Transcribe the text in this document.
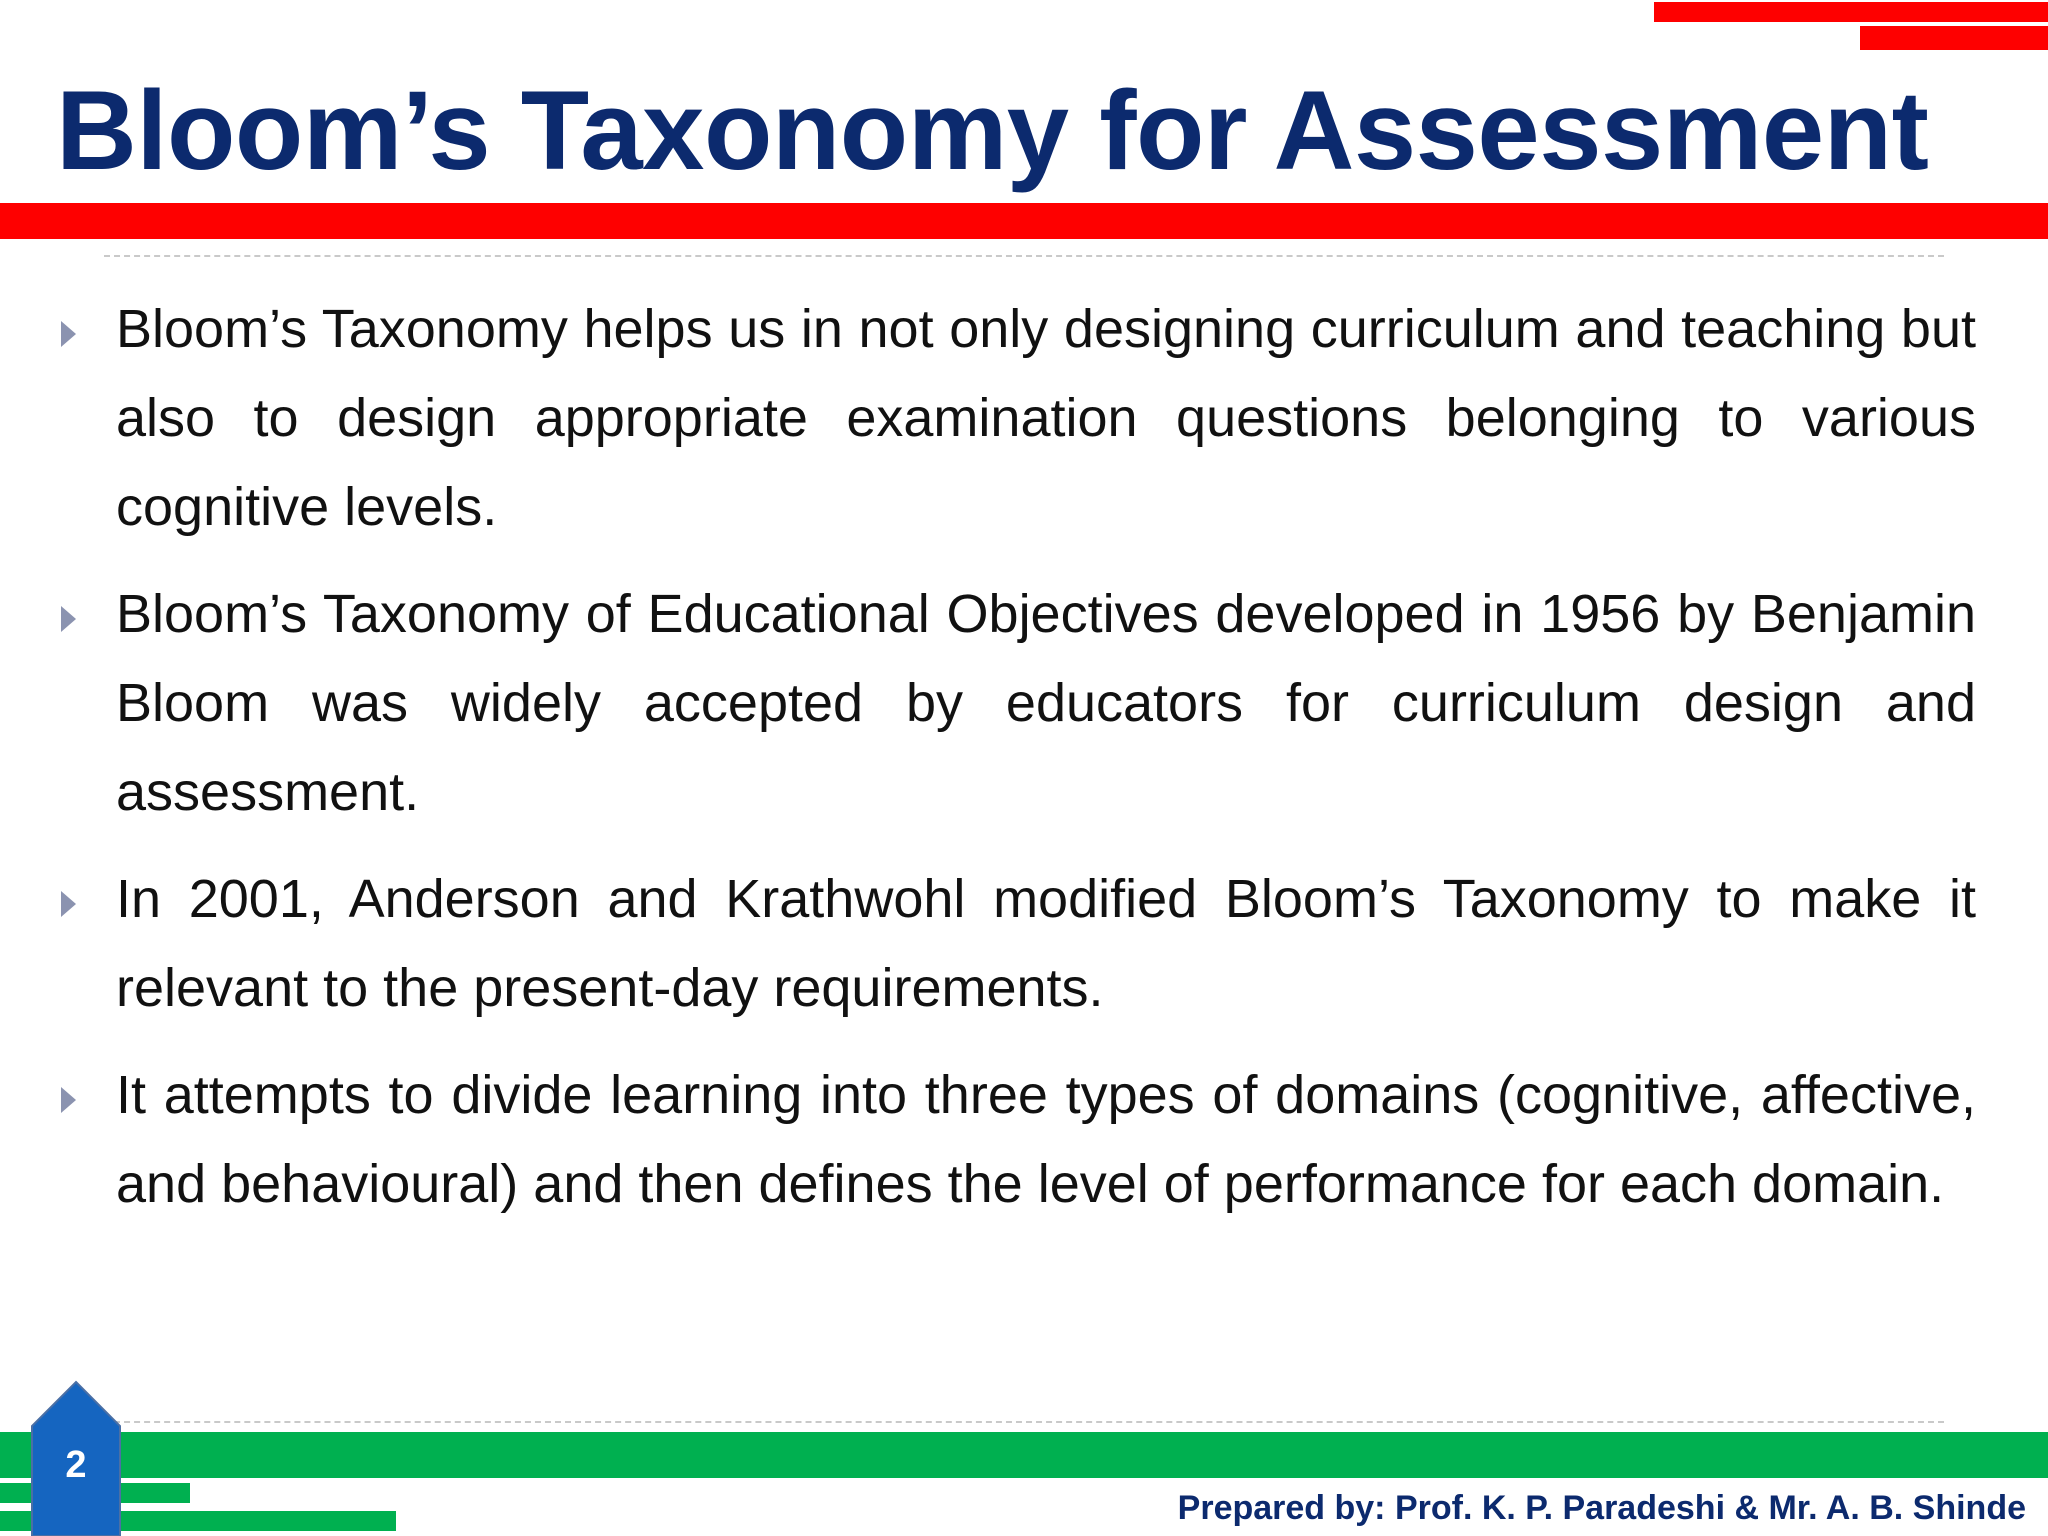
Bloom’s Taxonomy for Assessment
Bloom’s Taxonomy helps us in not only designing curriculum and teaching but also to design appropriate examination questions belonging to various cognitive levels.
Bloom’s Taxonomy of Educational Objectives developed in 1956 by Benjamin Bloom was widely accepted by educators for curriculum design and assessment.
In 2001, Anderson and Krathwohl modified Bloom’s Taxonomy to make it relevant to the present-day requirements.
It attempts to divide learning into three types of domains (cognitive, affective, and behavioural) and then defines the level of performance for each domain.
2
Prepared by: Prof. K. P. Paradeshi & Mr. A. B. Shinde
